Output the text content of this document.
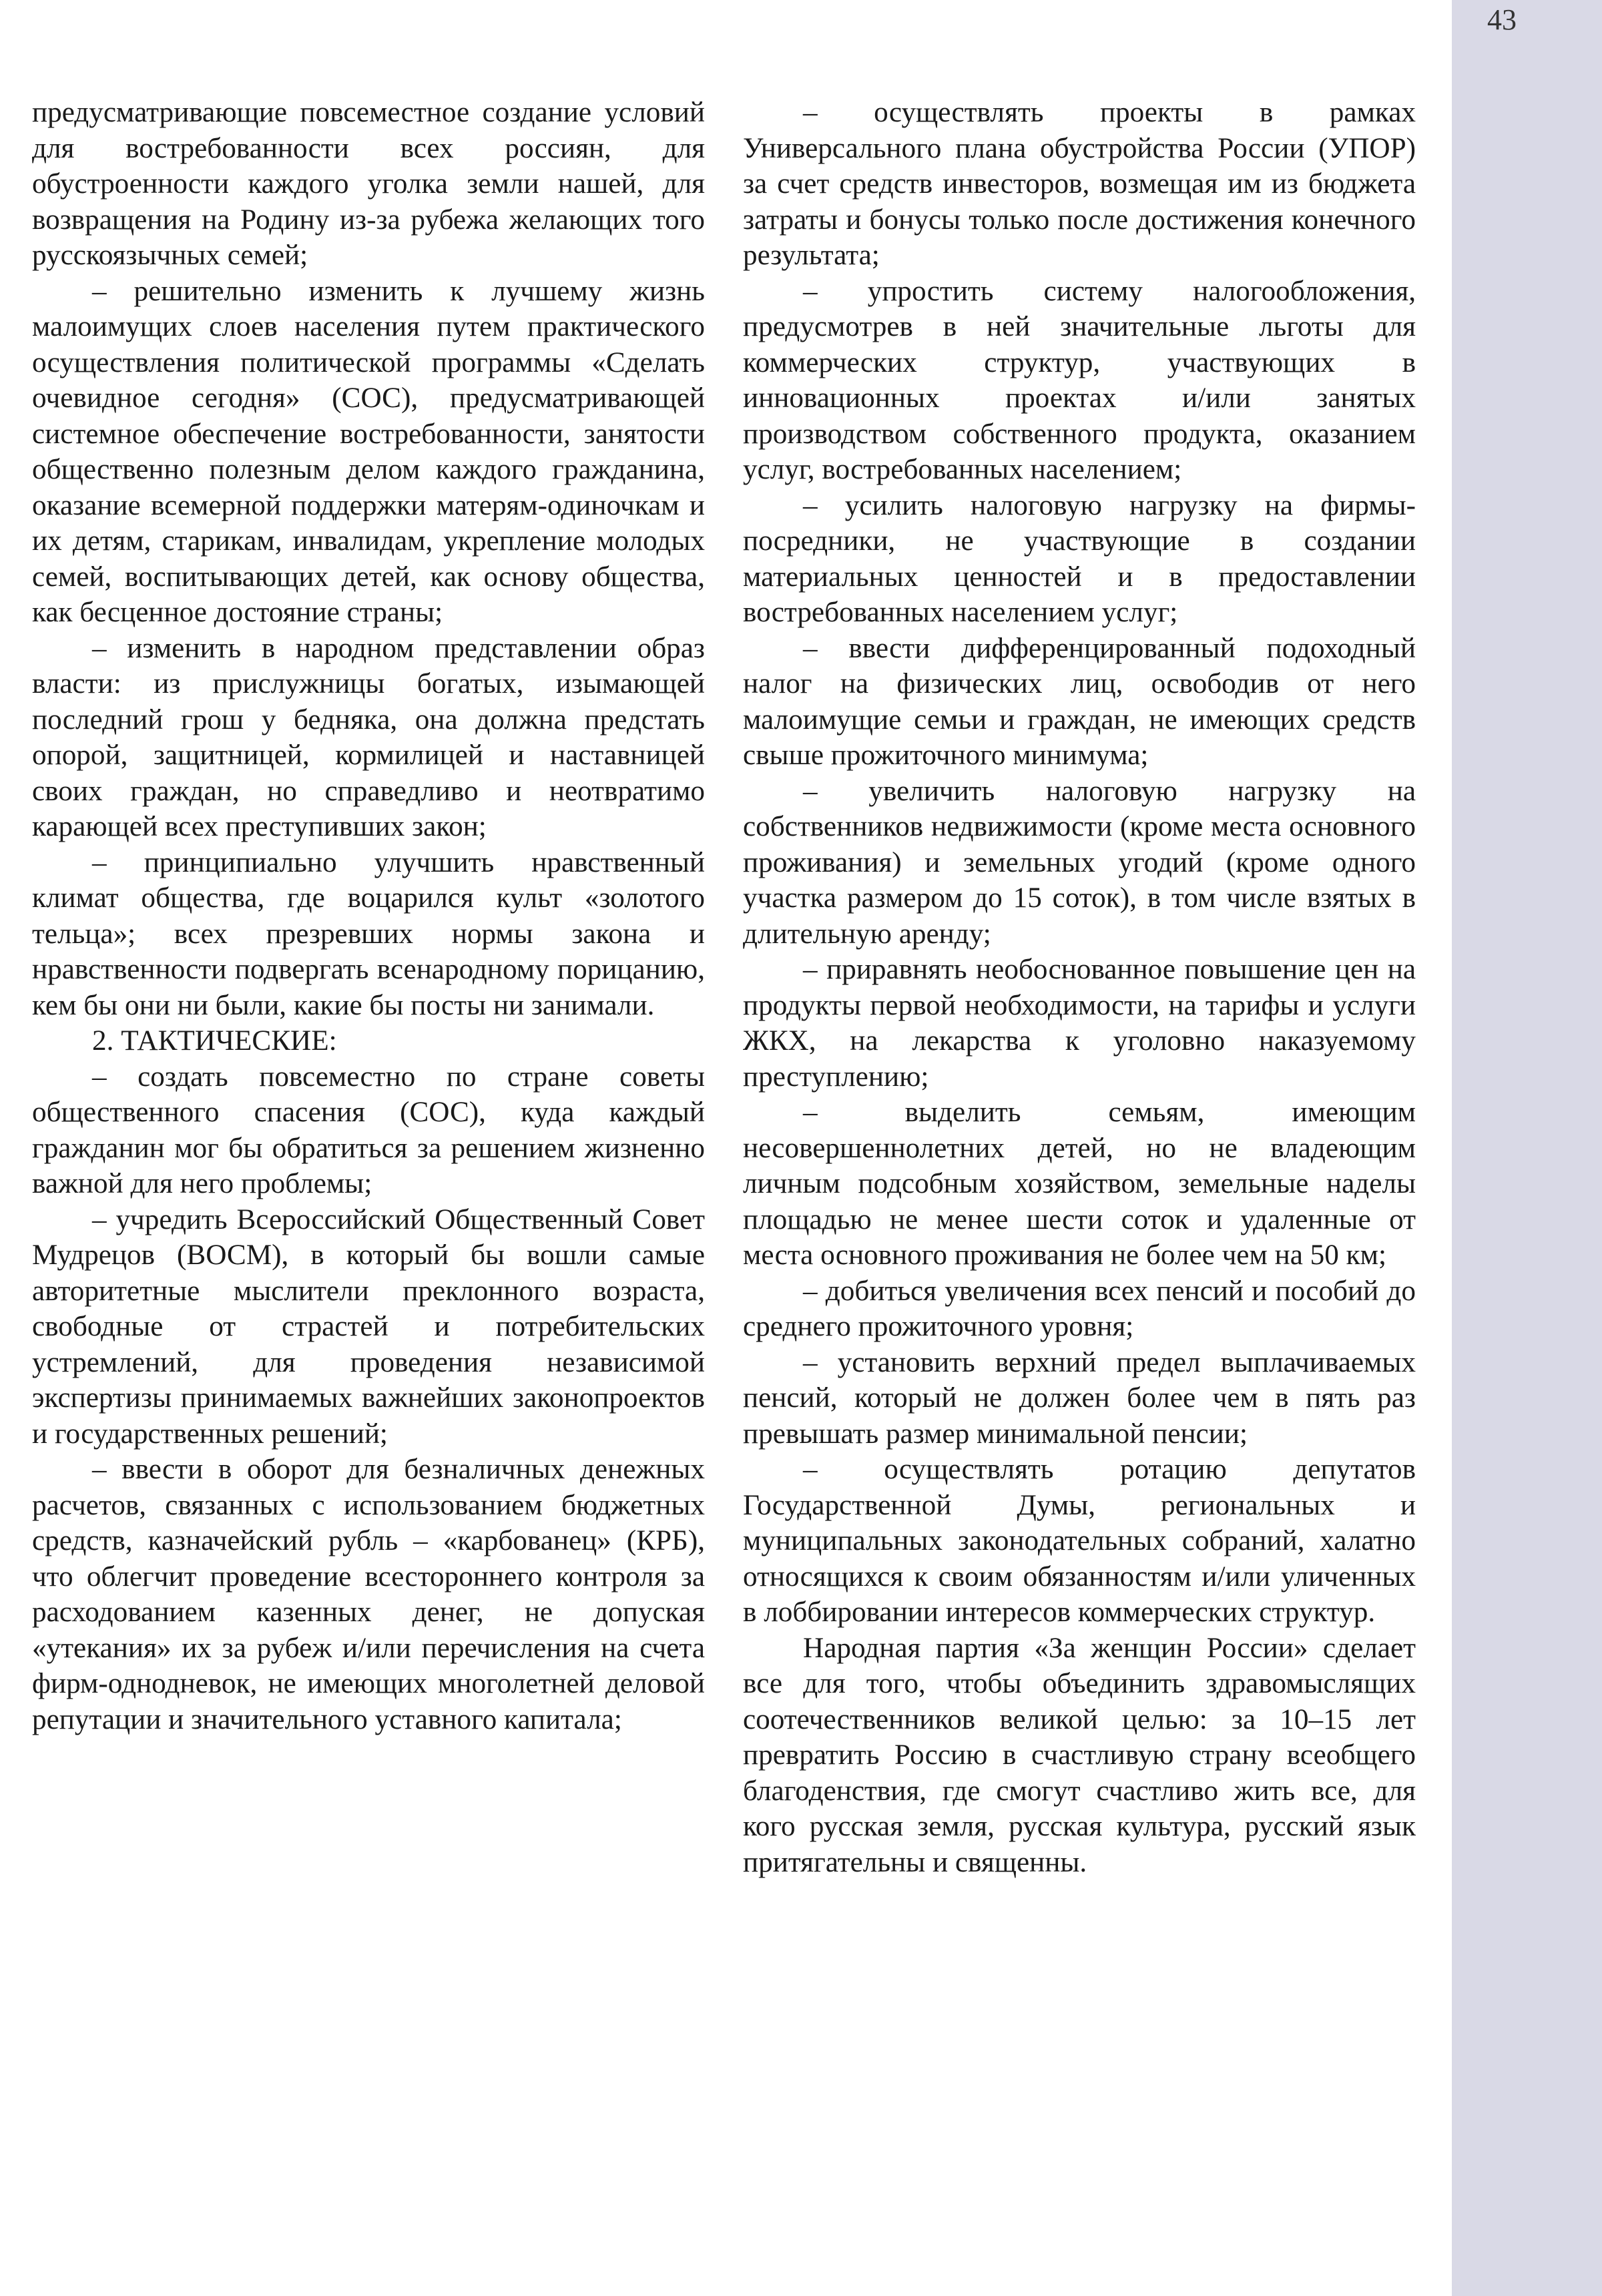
43

предусматривающие повсеместное создание условий для востребованности всех россиян, для обустроенности каждого уголка земли нашей, для возвращения на Родину из-за рубежа желающих того русскоязычных семей;

– решительно изменить к лучшему жизнь малоимущих слоев населения путем практического осуществления политической программы «Сделать очевидное сегодня» (СОС), предусматривающей системное обеспечение востребованности, занятости общественно полезным делом каждого гражданина, оказание всемерной поддержки матерям-одиночкам и их детям, старикам, инвалидам, укрепление молодых семей, воспитывающих детей, как основу общества, как бесценное достояние страны;

– изменить в народном представлении образ власти: из прислужницы богатых, изымающей последний грош у бедняка, она должна предстать опорой, защитницей, кормилицей и наставницей своих граждан, но справедливо и неотвратимо карающей всех преступивших закон;

– принципиально улучшить нравственный климат общества, где воцарился культ «золотого тельца»; всех презревших нормы закона и нравственности подвергать всенародному порицанию, кем бы они ни были, какие бы посты ни занимали.

2. ТАКТИЧЕСКИЕ:

– создать повсеместно по стране советы общественного спасения (СОС), куда каждый гражданин мог бы обратиться за решением жизненно важной для него проблемы;

– учредить Всероссийский Общественный Совет Мудрецов (ВОСМ), в который бы вошли самые авторитетные мыслители преклонного возраста, свободные от страстей и потребительских устремлений, для проведения независимой экспертизы принимаемых важнейших законопроектов и государственных решений;

– ввести в оборот для безналичных денежных расчетов, связанных с использованием бюджетных средств, казначейский рубль – «карбованец» (КРБ), что облегчит проведение всестороннего контроля за расходованием казенных денег, не допуская «утекания» их за рубеж и/или перечисления на счета фирм-однодневок, не имеющих многолетней деловой репутации и значительного уставного капитала;

– осуществлять проекты в рамках Универсального плана обустройства России (УПОР) за счет средств инвесторов, возмещая им из бюджета затраты и бонусы только после достижения конечного результата;

– упростить систему налогообложения, предусмотрев в ней значительные льготы для коммерческих структур, участвующих в инновационных проектах и/или занятых производством собственного продукта, оказанием услуг, востребованных населением;

– усилить налоговую нагрузку на фирмы-посредники, не участвующие в создании материальных ценностей и в предоставлении востребованных населением услуг;

– ввести дифференцированный подоходный налог на физических лиц, освободив от него малоимущие семьи и граждан, не имеющих средств свыше прожиточного минимума;

– увеличить налоговую нагрузку на собственников недвижимости (кроме места основного проживания) и земельных угодий (кроме одного участка размером до 15 соток), в том числе взятых в длительную аренду;

– приравнять необоснованное повышение цен на продукты первой необходимости, на тарифы и услуги ЖКХ, на лекарства к уголовно наказуемому преступлению;

– выделить семьям, имеющим несовершеннолетних детей, но не владеющим личным подсобным хозяйством, земельные наделы площадью не менее шести соток и удаленные от места основного проживания не более чем на 50 км;

– добиться увеличения всех пенсий и пособий до среднего прожиточного уровня;

– установить верхний предел выплачиваемых пенсий, который не должен более чем в пять раз превышать размер минимальной пенсии;

– осуществлять ротацию депутатов Государственной Думы, региональных и муниципальных законодательных собраний, халатно относящихся к своим обязанностям и/или уличенных в лоббировании интересов коммерческих структур.

Народная партия «За женщин России» сделает все для того, чтобы объединить здравомыслящих соотечественников великой целью: за 10–15 лет превратить Россию в счастливую страну всеобщего благоденствия, где смогут счастливо жить все, для кого русская земля, русская культура, русский язык притягательны и священны.
